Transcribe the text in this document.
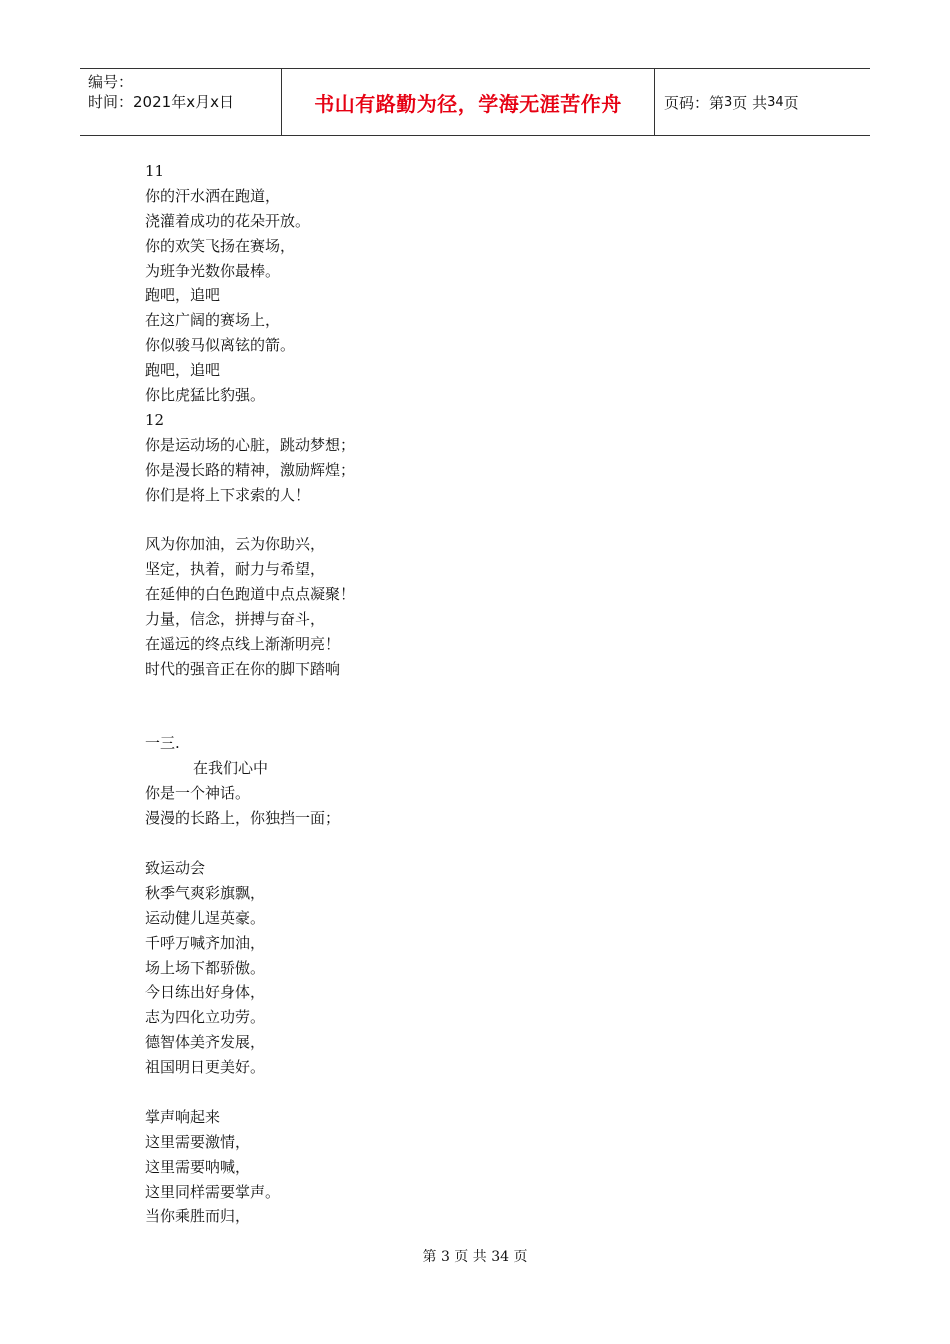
编号：
时间：2021年x月x日	书山有路勤为径，学海无涯苦作舟	页码：第 3 页 共 34 页
11
你的汗水洒在跑道，
浇灌着成功的花朵开放。
你的欢笑飞扬在赛场，
为班争光数你最棒。
跑吧，追吧
在这广阔的赛场上，
你似骏马似离铉的箭。
跑吧，追吧
你比虎猛比豹强。
12
你是运动场的心脏，跳动梦想；
你是漫长路的精神，激励辉煌；
你们是将上下求索的人！
风为你加油，云为你助兴，
坚定，执着，耐力与希望，
在延伸的白色跑道中点点凝聚！
力量，信念，拼搏与奋斗，
在遥远的终点线上渐渐明亮！
时代的强音正在你的脚下踏响
一三.
在我们心中
你是一个神话。
漫漫的长路上，你独挡一面；
致运动会
秋季气爽彩旗飘，
运动健儿逞英豪。
千呼万喊齐加油，
场上场下都骄傲。
今日练出好身体，
志为四化立功劳。
德智体美齐发展，
祖国明日更美好。
掌声响起来
这里需要激情，
这里需要呐喊，
这里同样需要掌声。
当你乘胜而归，
第 3 页 共 34 页
